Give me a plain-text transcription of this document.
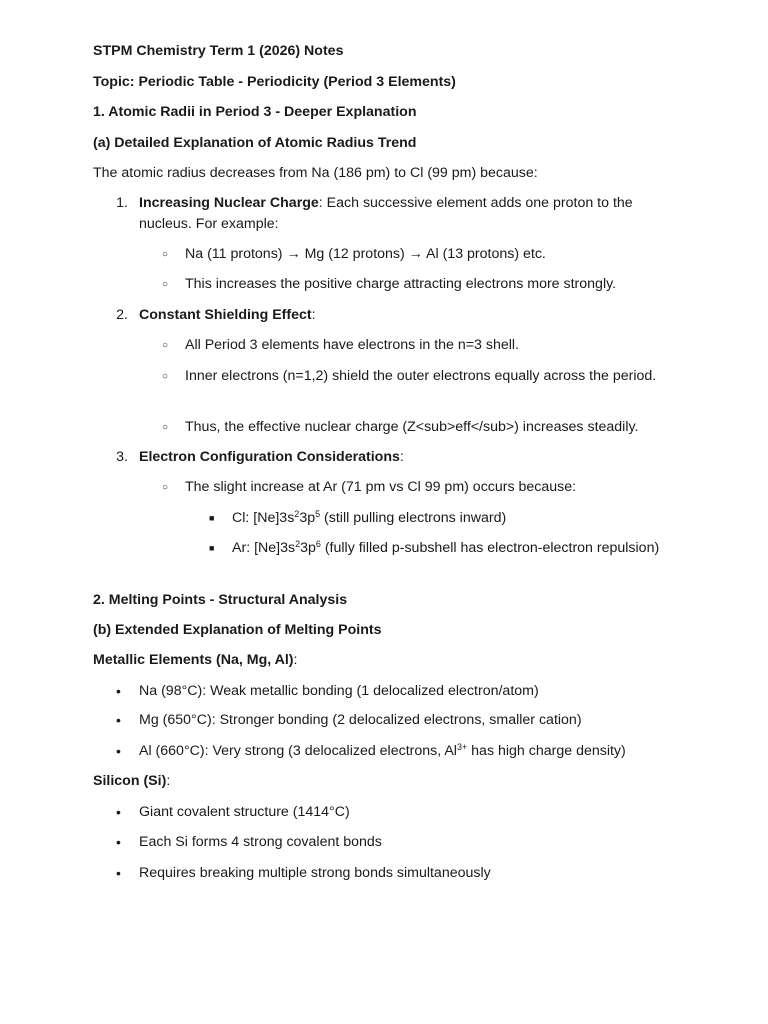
STPM Chemistry Term 1 (2026) Notes
Topic: Periodic Table - Periodicity (Period 3 Elements)
1. Atomic Radii in Period 3 - Deeper Explanation
(a) Detailed Explanation of Atomic Radius Trend
The atomic radius decreases from Na (186 pm) to Cl (99 pm) because:
1. Increasing Nuclear Charge: Each successive element adds one proton to the nucleus. For example:
○ Na (11 protons) → Mg (12 protons) → Al (13 protons) etc.
○ This increases the positive charge attracting electrons more strongly.
2. Constant Shielding Effect:
○ All Period 3 elements have electrons in the n=3 shell.
○ Inner electrons (n=1,2) shield the outer electrons equally across the period.
○ Thus, the effective nuclear charge (Z<sub>eff</sub>) increases steadily.
3. Electron Configuration Considerations:
○ The slight increase at Ar (71 pm vs Cl 99 pm) occurs because:
■ Cl: $[Ne]3s^23p^5$ (still pulling electrons inward)
■ Ar: $[Ne]3s^23p^6$ (fully filled p-subshell has electron-electron repulsion)
2. Melting Points - Structural Analysis
(b) Extended Explanation of Melting Points
Metallic Elements (Na, Mg, Al):
• Na (98°C): Weak metallic bonding (1 delocalized electron/atom)
• Mg (650°C): Stronger bonding (2 delocalized electrons, smaller cation)
• Al (660°C): Very strong (3 delocalized electrons, $Al^{3+}$ has high charge density)
Silicon (Si):
• Giant covalent structure (1414°C)
• Each Si forms 4 strong covalent bonds
• Requires breaking multiple strong bonds simultaneously
